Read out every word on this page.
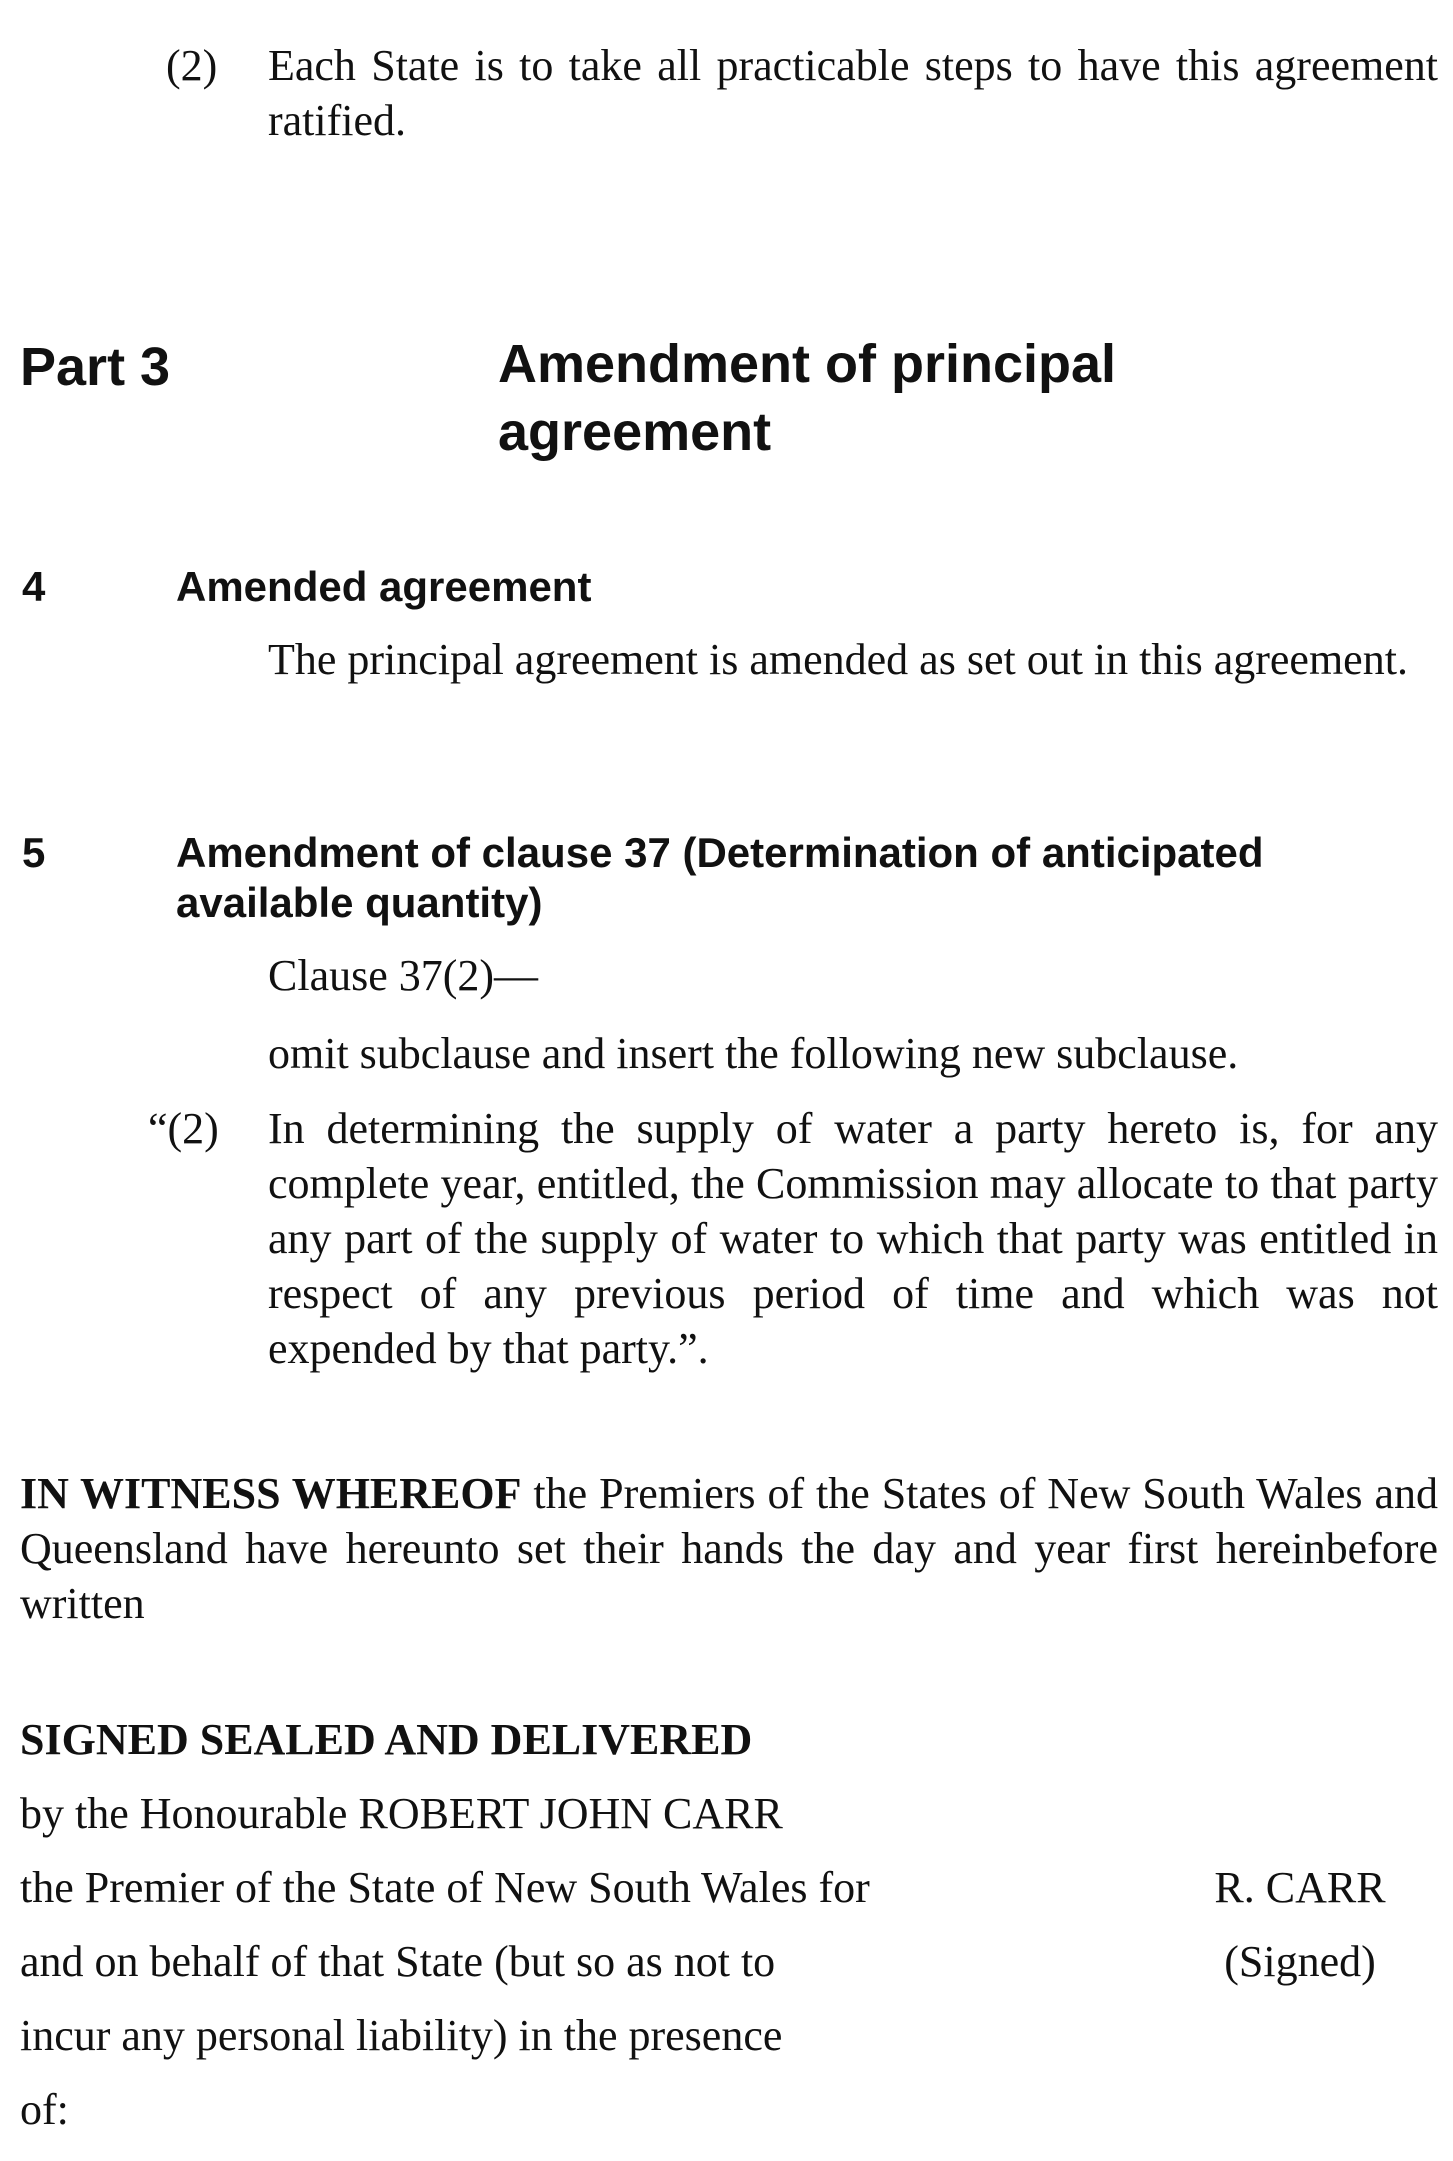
(2) Each State is to take all practicable steps to have this agreement ratified.
Part 3	Amendment of principal agreement
4	Amended agreement
The principal agreement is amended as set out in this agreement.
5	Amendment of clause 37 (Determination of anticipated available quantity)
Clause 37(2)—
omit subclause and insert the following new subclause.
“(2)	In determining the supply of water a party hereto is, for any complete year, entitled, the Commission may allocate to that party any part of the supply of water to which that party was entitled in respect of any previous period of time and which was not expended by that party.”.
IN WITNESS WHEREOF the Premiers of the States of New South Wales and Queensland have hereunto set their hands the day and year first hereinbefore written
SIGNED SEALED AND DELIVERED
by the Honourable ROBERT JOHN CARR
the Premier of the State of New South Wales for
and on behalf of that State (but so as not to
incur any personal liability) in the presence
of:
R. CARR
(Signed)
